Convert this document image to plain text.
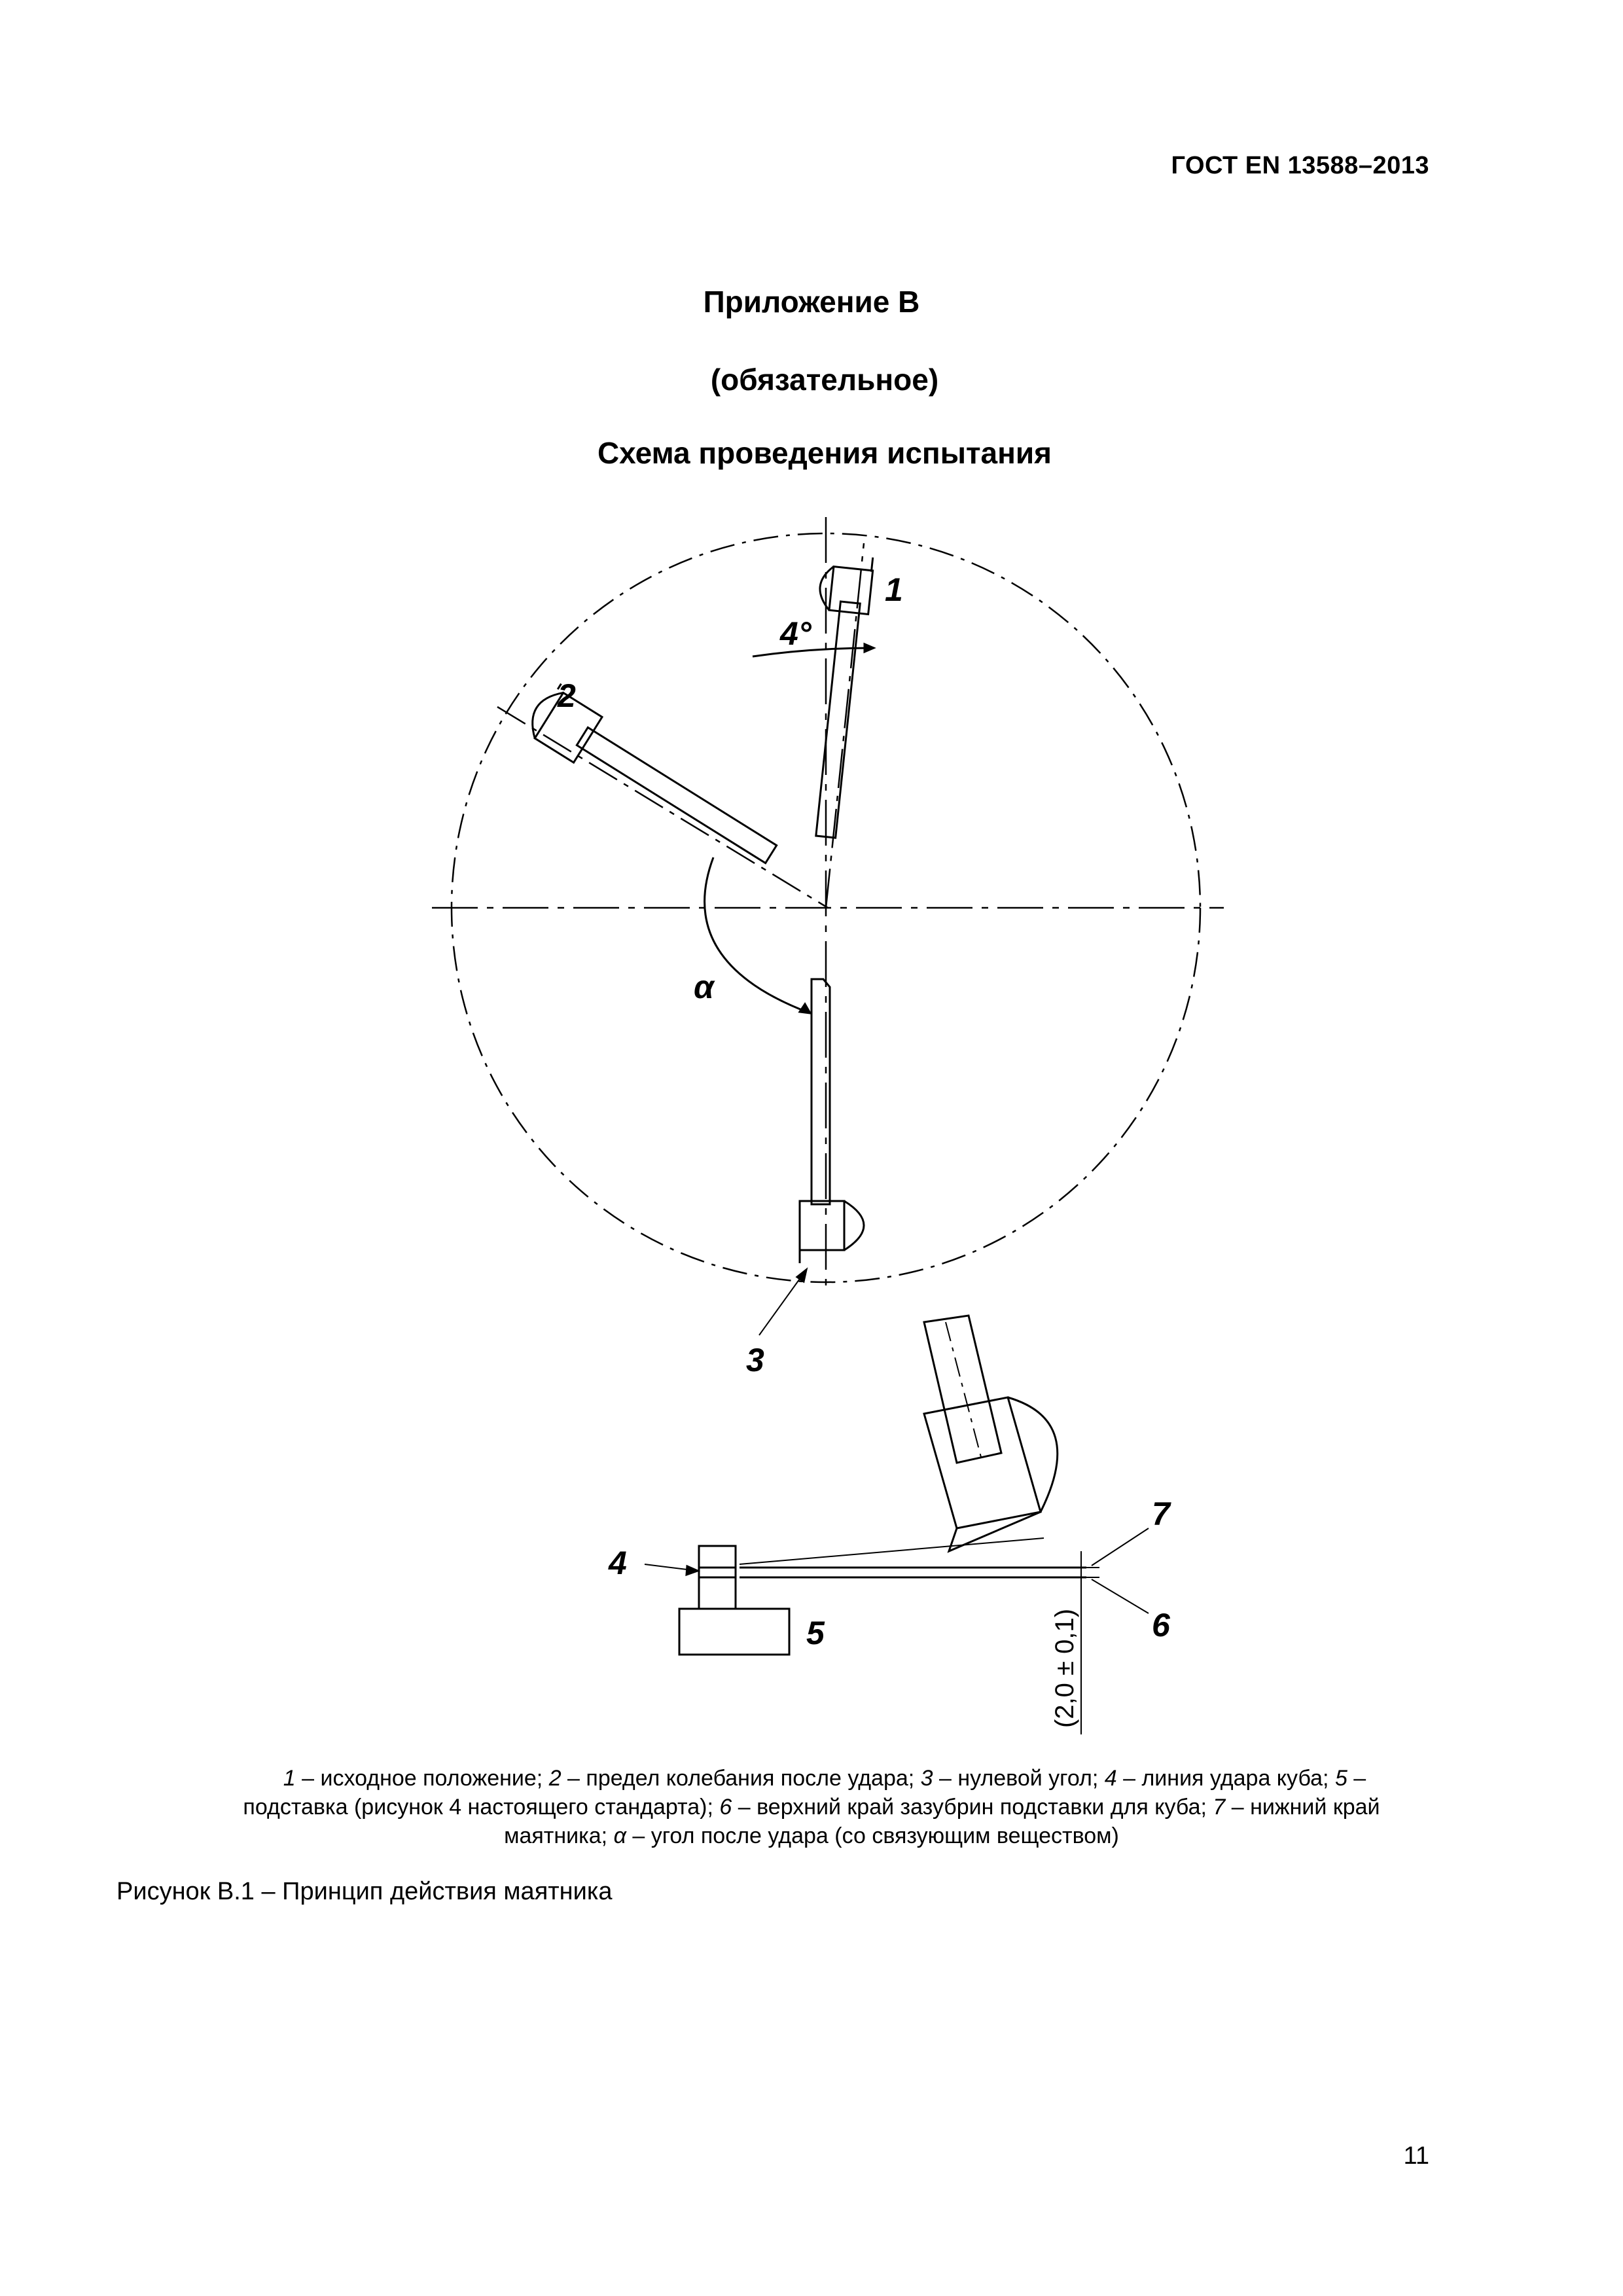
ГОСТ EN 13588–2013
Приложение В
(обязательное)
Схема проведения испытания
1
4°
2
α
3
7
6
4
5	(2,0 ± 0,1)
1 – исходное положение; 2 – предел колебания после удара; 3 – нулевой угол; 4 – линия удара куба; 5 –
подставка (рисунок 4 настоящего стандарта); 6 – верхний край зазубрин подставки для куба; 7 – нижний край
маятника; α – угол после удара (со связующим веществом)
Рисунок В.1 – Принцип действия маятника
11
